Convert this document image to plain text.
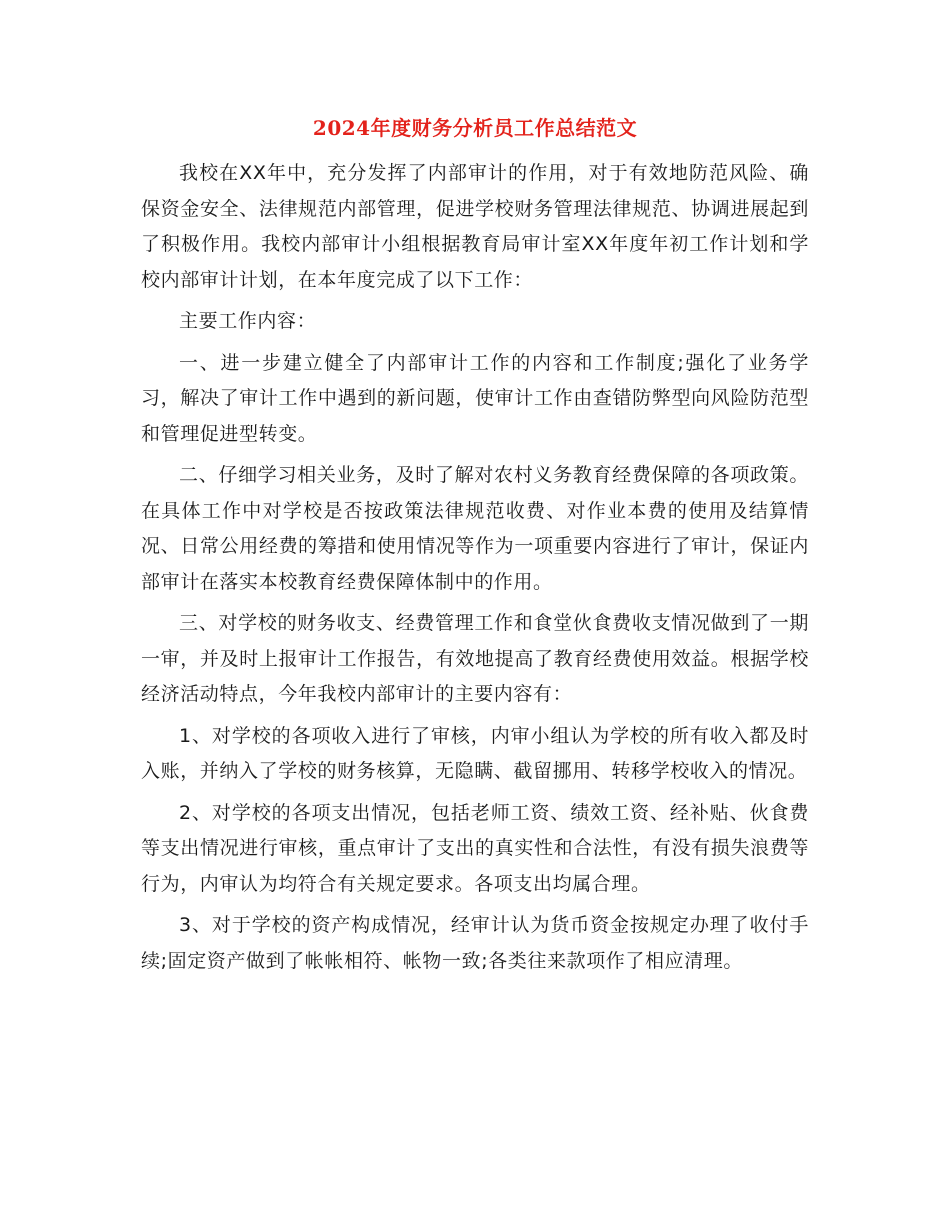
2024年度财务分析员工作总结范文

我校在XX年中，充分发挥了内部审计的作用，对于有效地防范风险、确保资金安全、法律规范内部管理，促进学校财务管理法律规范、协调进展起到了积极作用。我校内部审计小组根据教育局审计室XX年度年初工作计划和学校内部审计计划，在本年度完成了以下工作：

主要工作内容：

一、进一步建立健全了内部审计工作的内容和工作制度;强化了业务学习，解决了审计工作中遇到的新问题，使审计工作由查错防弊型向风险防范型和管理促进型转变。

二、仔细学习相关业务，及时了解对农村义务教育经费保障的各项政策。在具体工作中对学校是否按政策法律规范收费、对作业本费的使用及结算情况、日常公用经费的筹措和使用情况等作为一项重要内容进行了审计，保证内部审计在落实本校教育经费保障体制中的作用。

三、对学校的财务收支、经费管理工作和食堂伙食费收支情况做到了一期一审，并及时上报审计工作报告，有效地提高了教育经费使用效益。根据学校经济活动特点，今年我校内部审计的主要内容有：

1、对学校的各项收入进行了审核，内审小组认为学校的所有收入都及时入账，并纳入了学校的财务核算，无隐瞒、截留挪用、转移学校收入的情况。

2、对学校的各项支出情况，包括老师工资、绩效工资、经补贴、伙食费等支出情况进行审核，重点审计了支出的真实性和合法性，有没有损失浪费等行为，内审认为均符合有关规定要求。各项支出均属合理。

3、对于学校的资产构成情况，经审计认为货币资金按规定办理了收付手续;固定资产做到了帐帐相符、帐物一致;各类往来款项作了相应清理。
